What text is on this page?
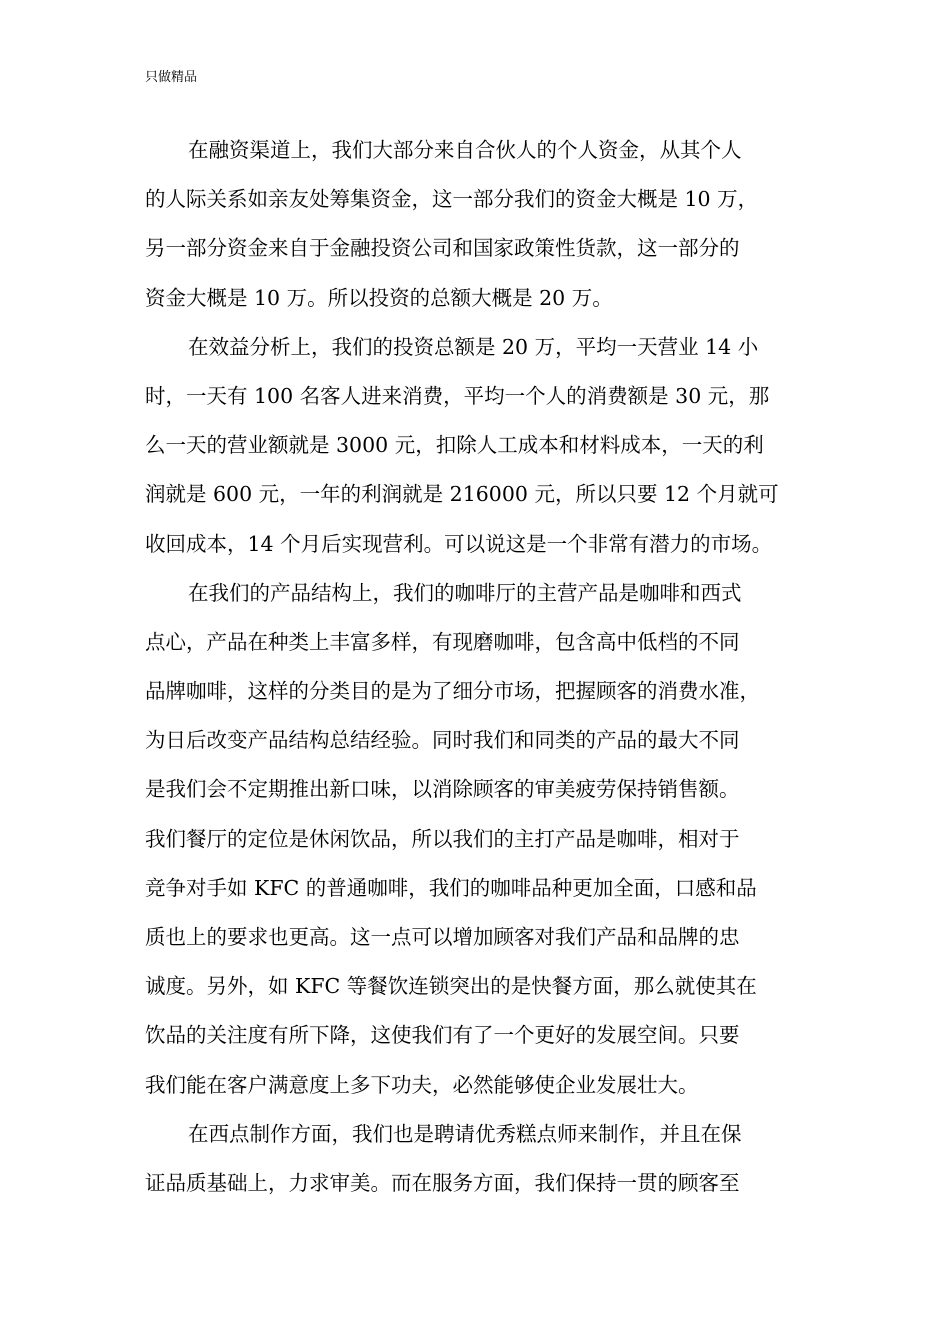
只做精品
在融资渠道上，我们大部分来自合伙人的个人资金，从其个人
的人际关系如亲友处筹集资金，这一部分我们的资金大概是 10 万，
另一部分资金来自于金融投资公司和国家政策性货款，这一部分的
资金大概是 10 万。所以投资的总额大概是 20 万。
在效益分析上，我们的投资总额是 20 万，平均一天营业 14 小
时，一天有 100 名客人进来消费，平均一个人的消费额是 30 元，那
么一天的营业额就是 3000 元，扣除人工成本和材料成本，一天的利
润就是 600 元，一年的利润就是 216000 元，所以只要 12 个月就可
收回成本，14 个月后实现营利。可以说这是一个非常有潜力的市场。
在我们的产品结构上，我们的咖啡厅的主营产品是咖啡和西式
点心，产品在种类上丰富多样，有现磨咖啡，包含高中低档的不同
品牌咖啡，这样的分类目的是为了细分市场，把握顾客的消费水准，
为日后改变产品结构总结经验。同时我们和同类的产品的最大不同
是我们会不定期推出新口味，以消除顾客的审美疲劳保持销售额。
我们餐厅的定位是休闲饮品，所以我们的主打产品是咖啡，相对于
竞争对手如 KFC 的普通咖啡，我们的咖啡品种更加全面，口感和品
质也上的要求也更高。这一点可以增加顾客对我们产品和品牌的忠
诚度。另外，如 KFC 等餐饮连锁突出的是快餐方面，那么就使其在
饮品的关注度有所下降，这使我们有了一个更好的发展空间。只要
我们能在客户满意度上多下功夫，必然能够使企业发展壮大。
在西点制作方面，我们也是聘请优秀糕点师来制作，并且在保
证品质基础上，力求审美。而在服务方面，我们保持一贯的顾客至
